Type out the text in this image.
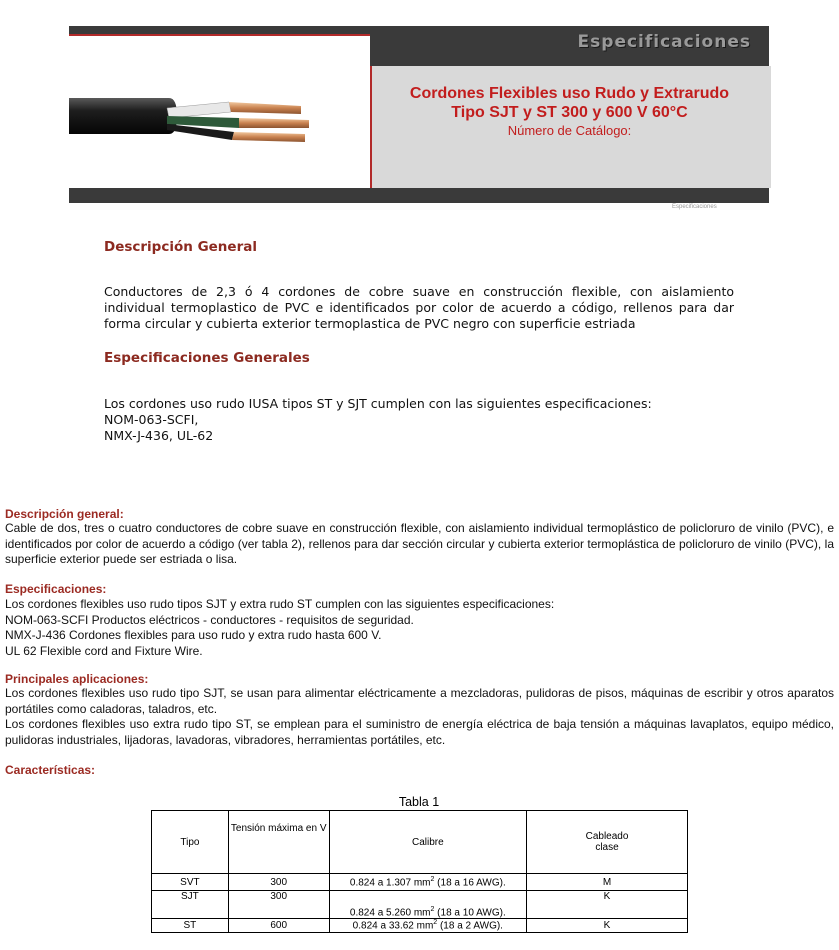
Especificaciones
Cordones Flexibles uso Rudo y Extrarudo
Tipo SJT y ST 300 y 600 V 60°C
Número de Catálogo:
Especificaciones
Descripción General
Conductores de 2,3 ó 4 cordones de cobre suave en construcción flexible, con aislamiento individual termoplastico de PVC e identificados por color de acuerdo a código, rellenos para dar forma circular y cubierta exterior termoplastica de PVC negro con superficie estriada
Especificaciones Generales
Los cordones uso rudo IUSA tipos ST y SJT cumplen con las siguientes especificaciones:
NOM-063-SCFI,
NMX-J-436, UL-62
Descripción general:
Cable de dos, tres o cuatro conductores de cobre suave en construcción flexible, con aislamiento individual termoplástico de policloruro de vinilo (PVC), e identificados por color de acuerdo a código (ver tabla 2), rellenos para dar sección circular y cubierta exterior termoplástica de policloruro de vinilo (PVC), la superficie exterior puede ser estriada o lisa.
Especificaciones:
Los cordones flexibles uso rudo tipos SJT y extra rudo ST cumplen con las siguientes especificaciones:
NOM-063-SCFI Productos eléctricos - conductores - requisitos de seguridad.
NMX-J-436 Cordones flexibles para uso rudo y extra rudo hasta 600 V.
UL 62 Flexible cord and Fixture Wire.
Principales aplicaciones:
Los cordones flexibles uso rudo tipo SJT, se usan para alimentar eléctricamente a mezcladoras, pulidoras de pisos, máquinas de escribir y otros aparatos portátiles como caladoras, taladros, etc.
Los cordones flexibles uso extra rudo tipo ST, se emplean para el suministro de energía eléctrica de baja tensión a máquinas lavaplatos, equipo médico, pulidoras industriales, lijadoras, lavadoras, vibradores, herramientas portátiles, etc.
Características:
Tabla 1
Tipo	Tensión máxima en V	Calibre	Cableado clase
SVT	300	0.824 a 1.307 $mm^2$ (18 a 16 AWG).	M
SJT	300	0.824 a 5.260 $mm^2$ (18 a 10 AWG).	K
ST	600	0.824 a 33.62 $mm^2$ (18 a 2 AWG).	K
